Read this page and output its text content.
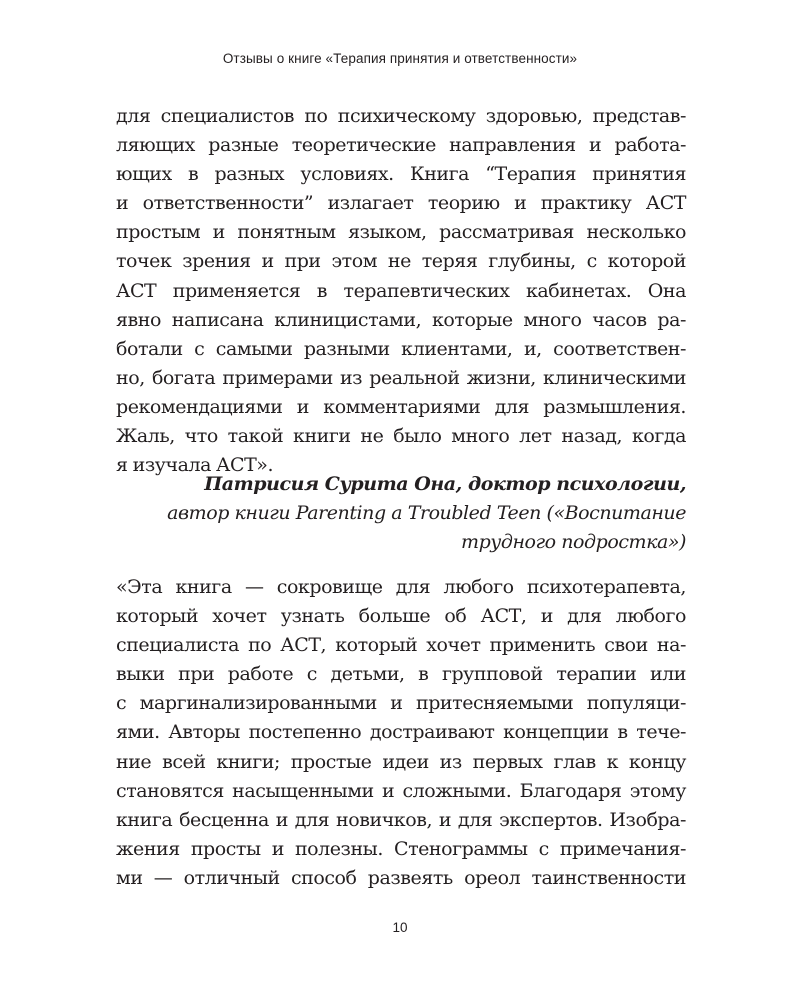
Отзывы о книге «Терапия принятия и ответственности»
для специалистов по психическому здоровью, представ-
ляющих разные теоретические направления и работа-
ющих в разных условиях. Книга “Терапия принятия
и ответственности” излагает теорию и практику АСТ
простым и понятным языком, рассматривая несколько
точек зрения и при этом не теряя глубины, с которой
АСТ применяется в терапевтических кабинетах. Она
явно написана клиницистами, которые много часов ра-
ботали с самыми разными клиентами, и, соответствен-
но, богата примерами из реальной жизни, клиническими
рекомендациями и комментариями для размышления.
Жаль, что такой книги не было много лет назад, когда
я изучала АСТ».
Патрисия Сурита Она, доктор психологии,
автор книги Parenting a Troubled Teen («Воспитание
трудного подростка»)
«Эта книга — сокровище для любого психотерапевта,
который хочет узнать больше об АСТ, и для любого
специалиста по АСТ, который хочет применить свои на-
выки при работе с детьми, в групповой терапии или
с маргинализированными и притесняемыми популяци-
ями. Авторы постепенно достраивают концепции в тече-
ние всей книги; простые идеи из первых глав к концу
становятся насыщенными и сложными. Благодаря этому
книга бесценна и для новичков, и для экспертов. Изобра-
жения просты и полезны. Стенограммы с примечания-
ми — отличный способ развеять ореол таинственности
10
